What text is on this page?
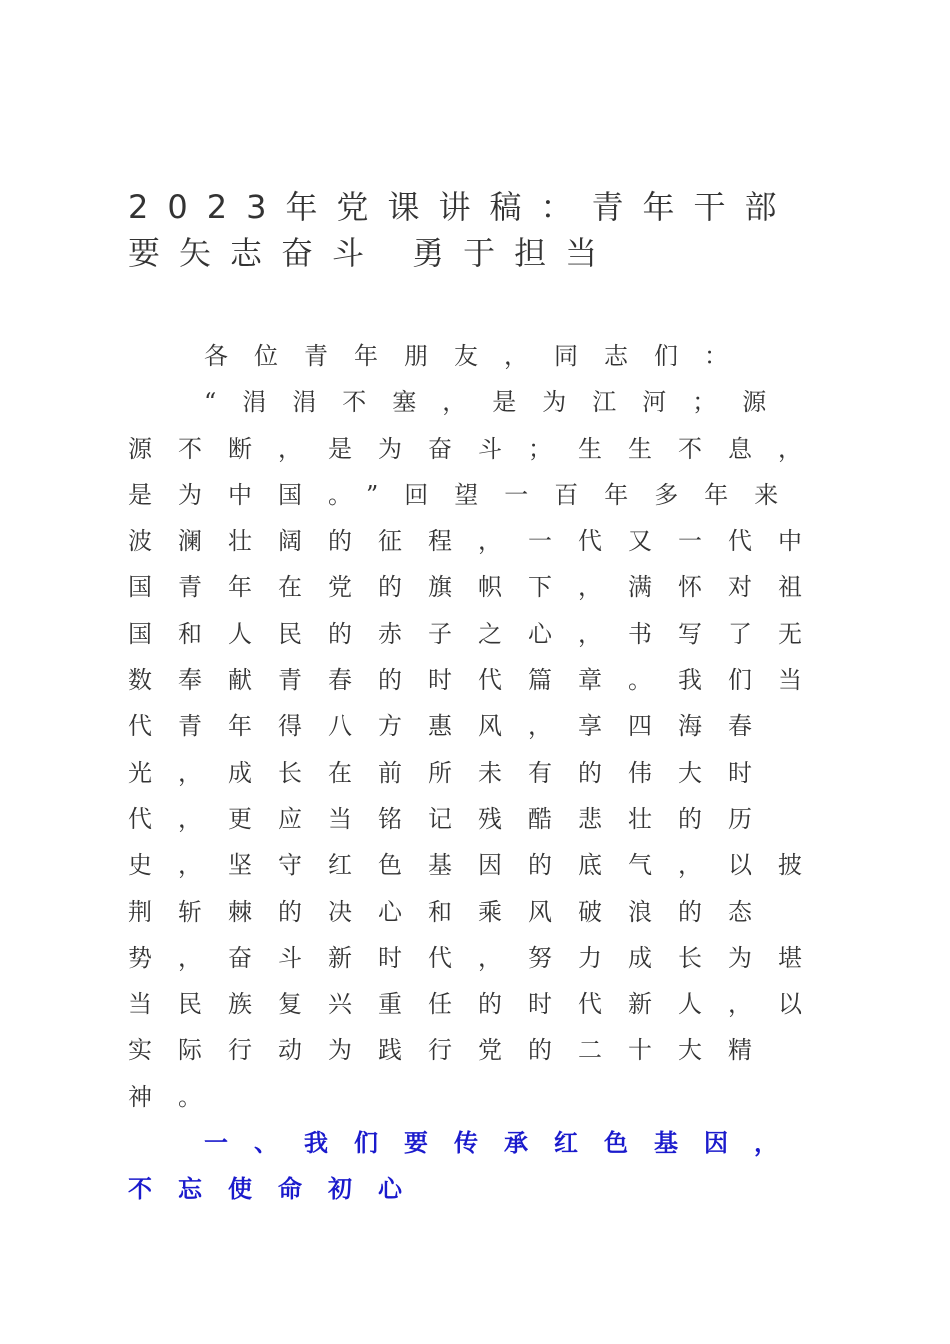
2023年党课讲稿：青年干部要矢志奋斗 勇于担当

各位青年朋友，同志们：

“涓涓不塞，是为江河；源源不断，是为奋斗；生生不息，是为中国。”回望一百年多年来波澜壮阔的征程，一代又一代中国青年在党的旗帜下，满怀对祖国和人民的赤子之心，书写了无数奉献青春的时代篇章。我们当代青年得八方惠风，享四海春光，成长在前所未有的伟大时代，更应当铭记残酷悲壮的历史，坚守红色基因的底气，以披荆斩棘的决心和乘风破浪的态势，奋斗新时代，努力成长为堪当民族复兴重任的时代新人，以实际行动为践行党的二十大精神。

一、我们要传承红色基因，不忘使命初心
